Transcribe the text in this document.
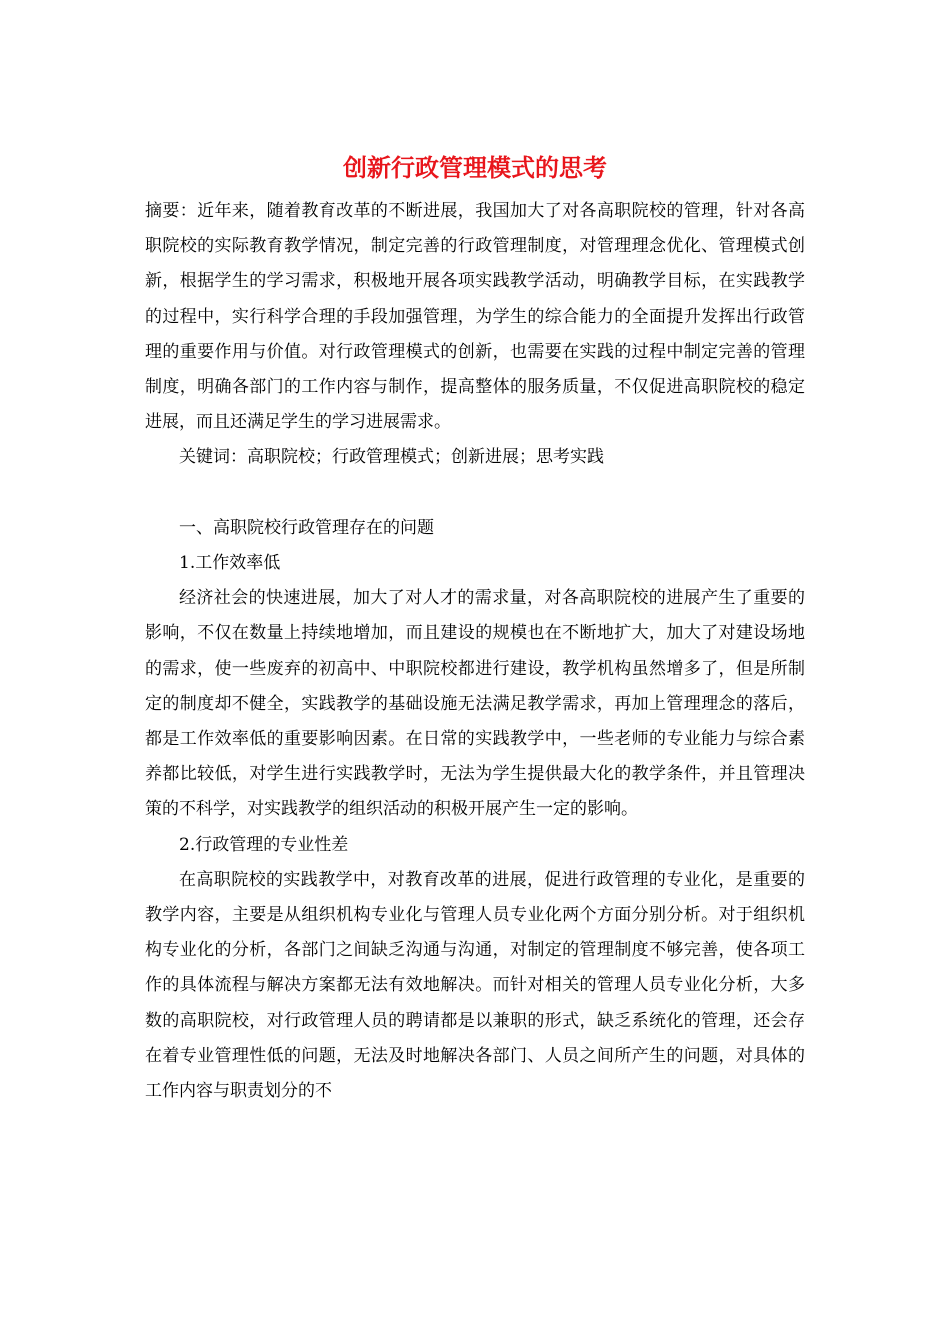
创新行政管理模式的思考

摘要：近年来，随着教育改革的不断进展，我国加大了对各高职院校的管理，针对各高职院校的实际教育教学情况，制定完善的行政管理制度，对管理理念优化、管理模式创新，根据学生的学习需求，积极地开展各项实践教学活动，明确教学目标，在实践教学的过程中，实行科学合理的手段加强管理，为学生的综合能力的全面提升发挥出行政管理的重要作用与价值。对行政管理模式的创新，也需要在实践的过程中制定完善的管理制度，明确各部门的工作内容与制作，提高整体的服务质量，不仅促进高职院校的稳定进展，而且还满足学生的学习进展需求。

关键词：高职院校；行政管理模式；创新进展；思考实践

一、高职院校行政管理存在的问题

1.工作效率低

经济社会的快速进展，加大了对人才的需求量，对各高职院校的进展产生了重要的影响，不仅在数量上持续地增加，而且建设的规模也在不断地扩大，加大了对建设场地的需求，使一些废弃的初高中、中职院校都进行建设，教学机构虽然增多了，但是所制定的制度却不健全，实践教学的基础设施无法满足教学需求，再加上管理理念的落后，都是工作效率低的重要影响因素。在日常的实践教学中，一些老师的专业能力与综合素养都比较低，对学生进行实践教学时，无法为学生提供最大化的教学条件，并且管理决策的不科学，对实践教学的组织活动的积极开展产生一定的影响。

2.行政管理的专业性差

在高职院校的实践教学中，对教育改革的进展，促进行政管理的专业化，是重要的教学内容，主要是从组织机构专业化与管理人员专业化两个方面分别分析。对于组织机构专业化的分析，各部门之间缺乏沟通与沟通，对制定的管理制度不够完善，使各项工作的具体流程与解决方案都无法有效地解决。而针对相关的管理人员专业化分析，大多数的高职院校，对行政管理人员的聘请都是以兼职的形式，缺乏系统化的管理，还会存在着专业管理性低的问题，无法及时地解决各部门、人员之间所产生的问题，对具体的工作内容与职责划分的不
